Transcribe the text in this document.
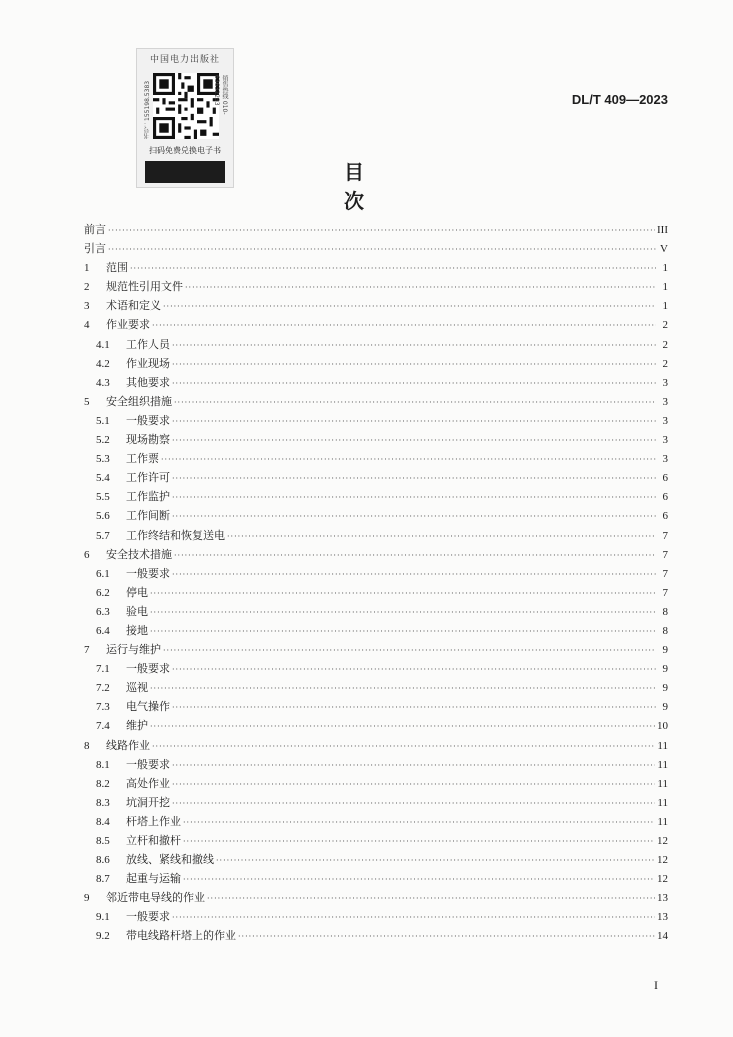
中国电力出版社
书号：155198.5383	销售热线 010-63632233
扫码免费兑换电子书
DL/T 409—2023
目　次
前言 ·····	III
引言 ·····	V
1	范围 ·····	1
2	规范性引用文件 ·····	1
3	术语和定义 ·····	1
4	作业要求 ·····	2
4.1	工作人员 ·····	2
4.2	作业现场 ·····	2
4.3	其他要求 ·····	3
5	安全组织措施 ·····	3
5.1	一般要求 ·····	3
5.2	现场勘察 ·····	3
5.3	工作票 ·····	3
5.4	工作许可 ·····	6
5.5	工作监护 ·····	6
5.6	工作间断 ·····	6
5.7	工作终结和恢复送电 ·····	7
6	安全技术措施 ·····	7
6.1	一般要求 ·····	7
6.2	停电 ·····	7
6.3	验电 ·····	8
6.4	接地 ·····	8
7	运行与维护 ·····	9
7.1	一般要求 ·····	9
7.2	巡视 ·····	9
7.3	电气操作 ·····	9
7.4	维护 ·····	10
8	线路作业 ·····	11
8.1	一般要求 ·····	11
8.2	高处作业 ·····	11
8.3	坑洞开挖 ·····	11
8.4	杆塔上作业 ·····	11
8.5	立杆和撤杆 ·····	12
8.6	放线、紧线和撤线 ·····	12
8.7	起重与运输 ·····	12
9	邻近带电导线的作业 ·····	13
9.1	一般要求 ·····	13
9.2	带电线路杆塔上的作业 ·····	14
I
